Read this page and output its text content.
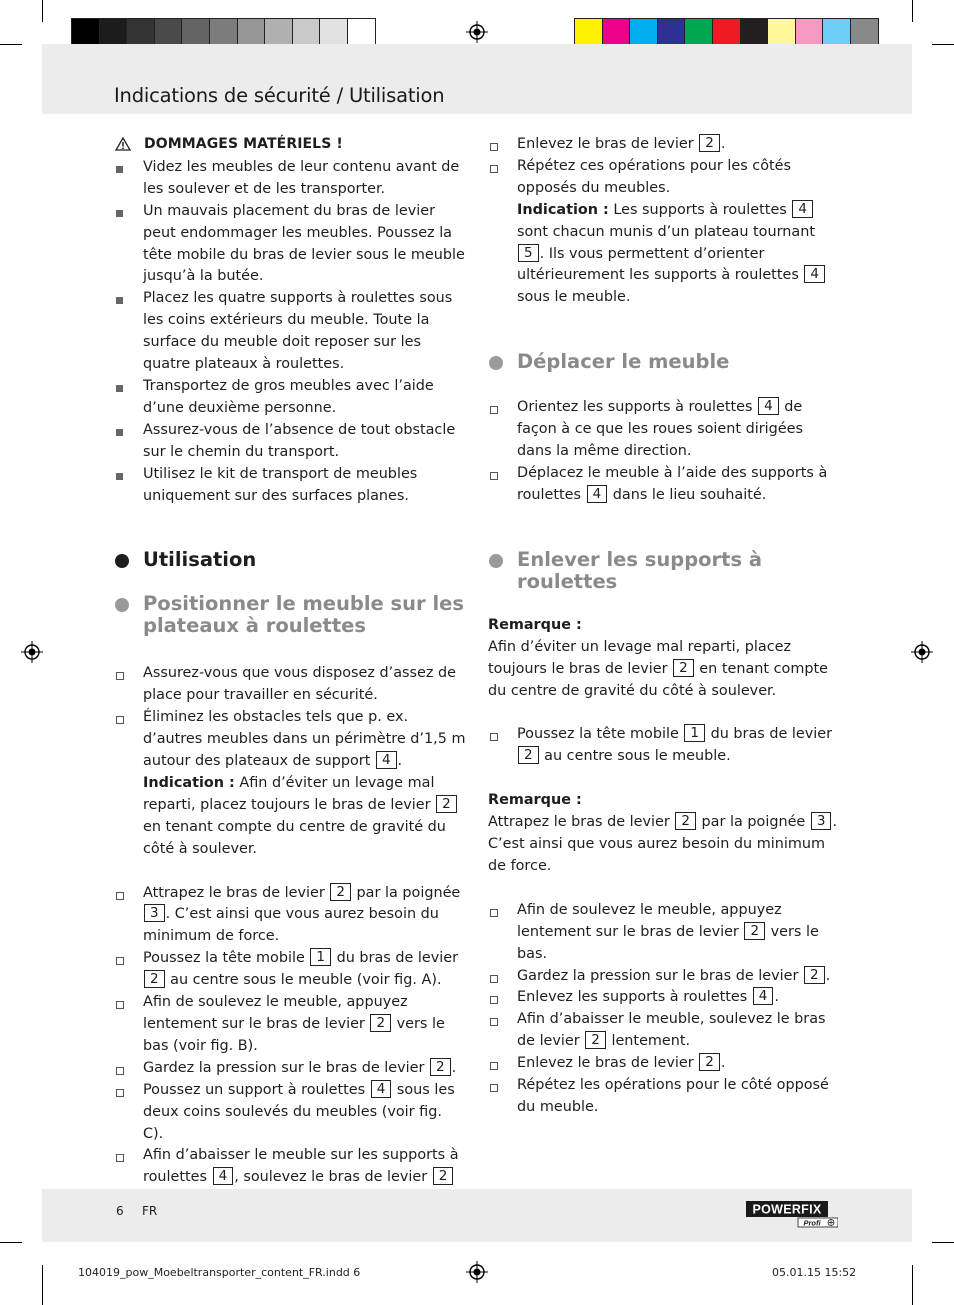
Indications de sécurité / Utilisation
DOMMAGES MATÉRIELS !
Videz les meubles de leur contenu avant de les soulever et de les transporter.
Un mauvais placement du bras de levier peut endommager les meubles. Poussez la tête mobile du bras de levier sous le meuble jusqu’à la butée.
Placez les quatre supports à roulettes sous les coins extérieurs du meuble. Toute la surface du meuble doit reposer sur les quatre plateaux à roulettes.
Transportez de gros meubles avec l’aide d’une deuxième personne.
Assurez-vous de l’absence de tout obstacle sur le chemin du transport.
Utilisez le kit de transport de meubles uniquement sur des surfaces planes.
Utilisation
Positionner le meuble sur les plateaux à roulettes
Assurez-vous que vous disposez d’assez de place pour travailler en sécurité.
Éliminez les obstacles tels que p. ex. d’autres meubles dans un périmètre d’1,5 m autour des plateaux de support 4 .
Indication : Afin d’éviter un levage mal reparti, placez toujours le bras de levier 2 en tenant compte du centre de gravité du côté à soulever.
Attrapez le bras de levier 2 par la poignée 3 . C’est ainsi que vous aurez besoin du minimum de force.
Poussez la tête mobile 1 du bras de levier 2 au centre sous le meuble (voir fig. A).
Afin de soulevez le meuble, appuyez lentement sur le bras de levier 2 vers le bas (voir fig. B).
Gardez la pression sur le bras de levier 2 .
Poussez un support à roulettes 4 sous les deux coins soulevés du meubles (voir fig. C).
Afin d’abaisser le meuble sur les supports à roulettes 4 , soulevez le bras de levier 2
Enlevez le bras de levier 2 .
Répétez ces opérations pour les côtés opposés du meubles.
Indication : Les supports à roulettes 4 sont chacun munis d’un plateau tournant 5 . Ils vous permettent d’orienter ultérieurement les supports à roulettes 4 sous le meuble.
Déplacer le meuble
Orientez les supports à roulettes 4 de façon à ce que les roues soient dirigées dans la même direction.
Déplacez le meuble à l’aide des supports à roulettes 4 dans le lieu souhaité.
Enlever les supports à roulettes
Remarque :
Afin d’éviter un levage mal reparti, placez toujours le bras de levier 2 en tenant compte du centre de gravité du côté à soulever.
Poussez la tête mobile 1 du bras de levier 2 au centre sous le meuble.
Remarque :
Attrapez le bras de levier 2 par la poignée 3 . C’est ainsi que vous aurez besoin du minimum de force.
Afin de soulevez le meuble, appuyez lentement sur le bras de levier 2 vers le bas.
Gardez la pression sur le bras de levier 2 .
Enlevez les supports à roulettes 4 .
Afin d’abaisser le meuble, soulevez le bras de levier 2 lentement.
Enlevez le bras de levier 2 .
Répétez les opérations pour le côté opposé du meuble.
6 FR	POWERFIX
Profi
104019_pow_Moebeltransporter_content_FR.indd 6	05.01.15 15:52
